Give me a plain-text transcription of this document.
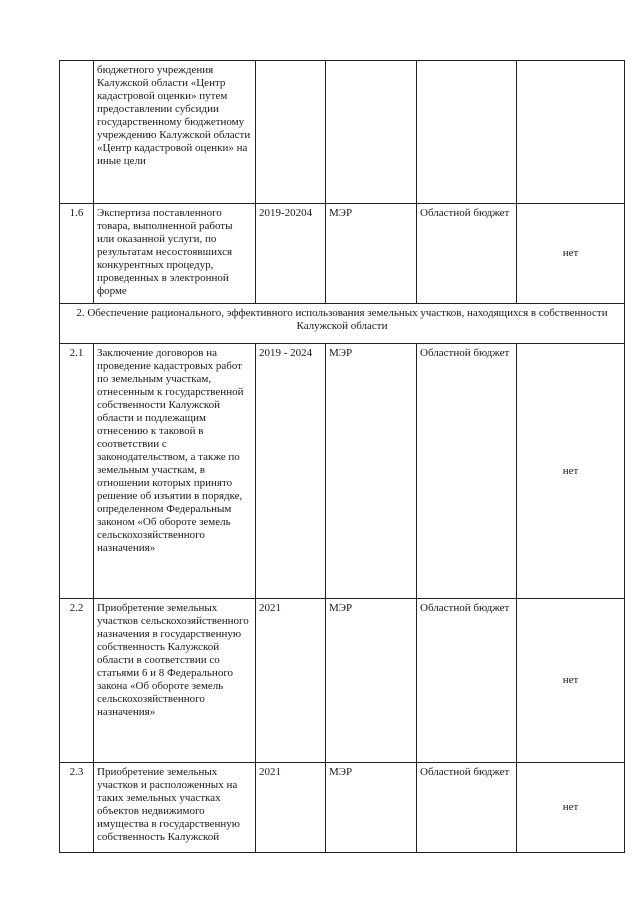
	бюджетного учреждения Калужской области «Центр кадастровой оценки» путем предоставлении субсидии государственному бюджетному учреждению Калужской области «Центр кадастровой оценки» на иные цели				
1.6	Экспертиза поставленного товара, выполненной работы или оказанной услуги, по результатам несостоявшихся конкурентных процедур, проведенных в электронной форме	2019-20204	МЭР	Областной бюджет	нет
2. Обеспечение рационального, эффективного использования земельных участков, находящихся в собственности Калужской области					
2.1	Заключение договоров на проведение кадастровых работ по земельным участкам, отнесенным к государственной собственности Калужской области и подлежащим отнесению к таковой в соответствии с законодательством, а также по земельным участкам, в отношении которых принято решение об изъятии в порядке, определенном Федеральным законом «Об обороте земель сельскохозяйственного назначения»	2019 - 2024	МЭР	Областной бюджет	нет
2.2	Приобретение земельных участков сельскохозяйственного назначения в государственную собственность Калужской области в соответствии со статьями 6 и 8 Федерального закона «Об обороте земель сельскохозяйственного назначения»	2021	МЭР	Областной бюджет	нет
2.3	Приобретение земельных участков и расположенных на таких земельных участках объектов недвижимого имущества в государственную собственность Калужской	2021	МЭР	Областной бюджет	нет
